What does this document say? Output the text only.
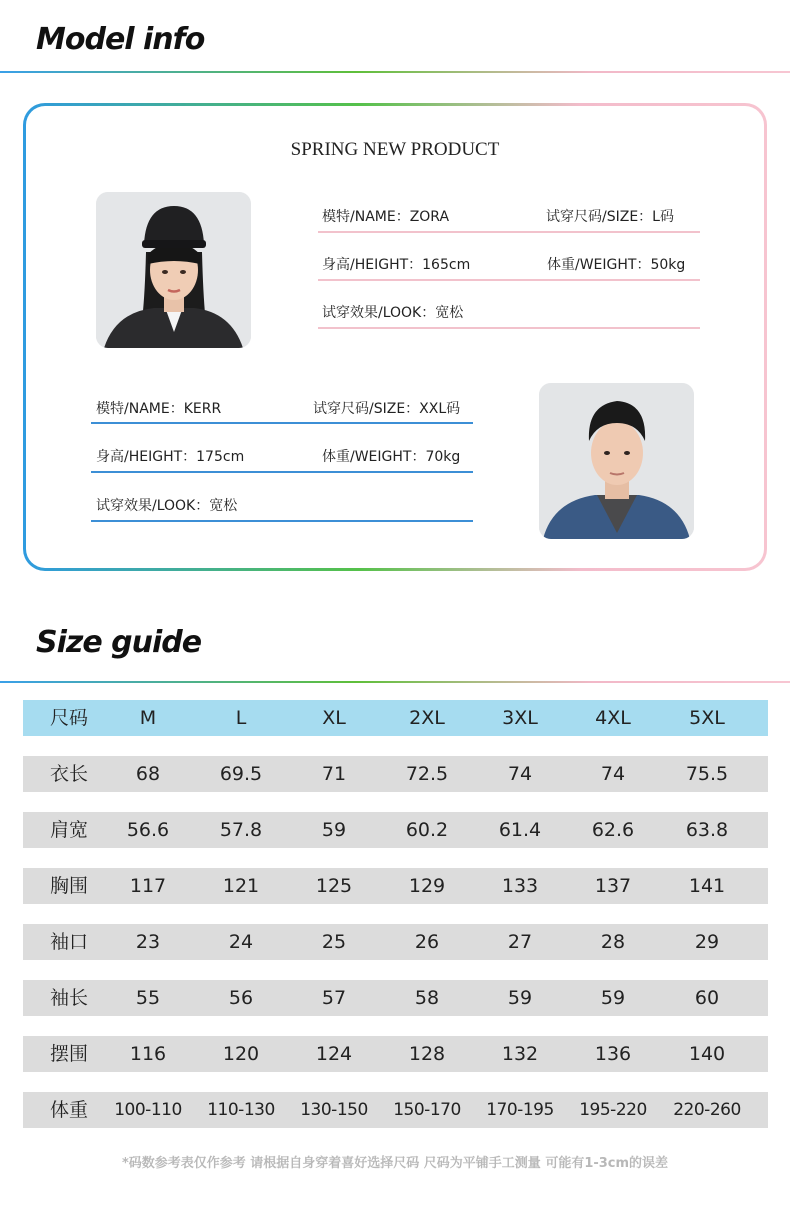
Model info
SPRING NEW PRODUCT
模特/NAME：ZORA	试穿尺码/SIZE：L码
身高/HEIGHT：165cm	体重/WEIGHT：50kg
试穿效果/LOOK：宽松
模特/NAME：KERR	试穿尺码/SIZE：XXL码
身高/HEIGHT：175cm	体重/WEIGHT：70kg
试穿效果/LOOK：宽松
Size guide
尺码	M	L	XL	2XL	3XL	4XL	5XL
衣长	68	69.5	71	72.5	74	74	75.5
肩宽	56.6	57.8	59	60.2	61.4	62.6	63.8
胸围	117	121	125	129	133	137	141
袖口	23	24	25	26	27	28	29
袖长	55	56	57	58	59	59	60
摆围	116	120	124	128	132	136	140
体重	100-110	110-130	130-150	150-170	170-195	195-220	220-260
*码数参考表仅作参考 请根据自身穿着喜好选择尺码 尺码为平铺手工测量 可能有1-3cm的误差
